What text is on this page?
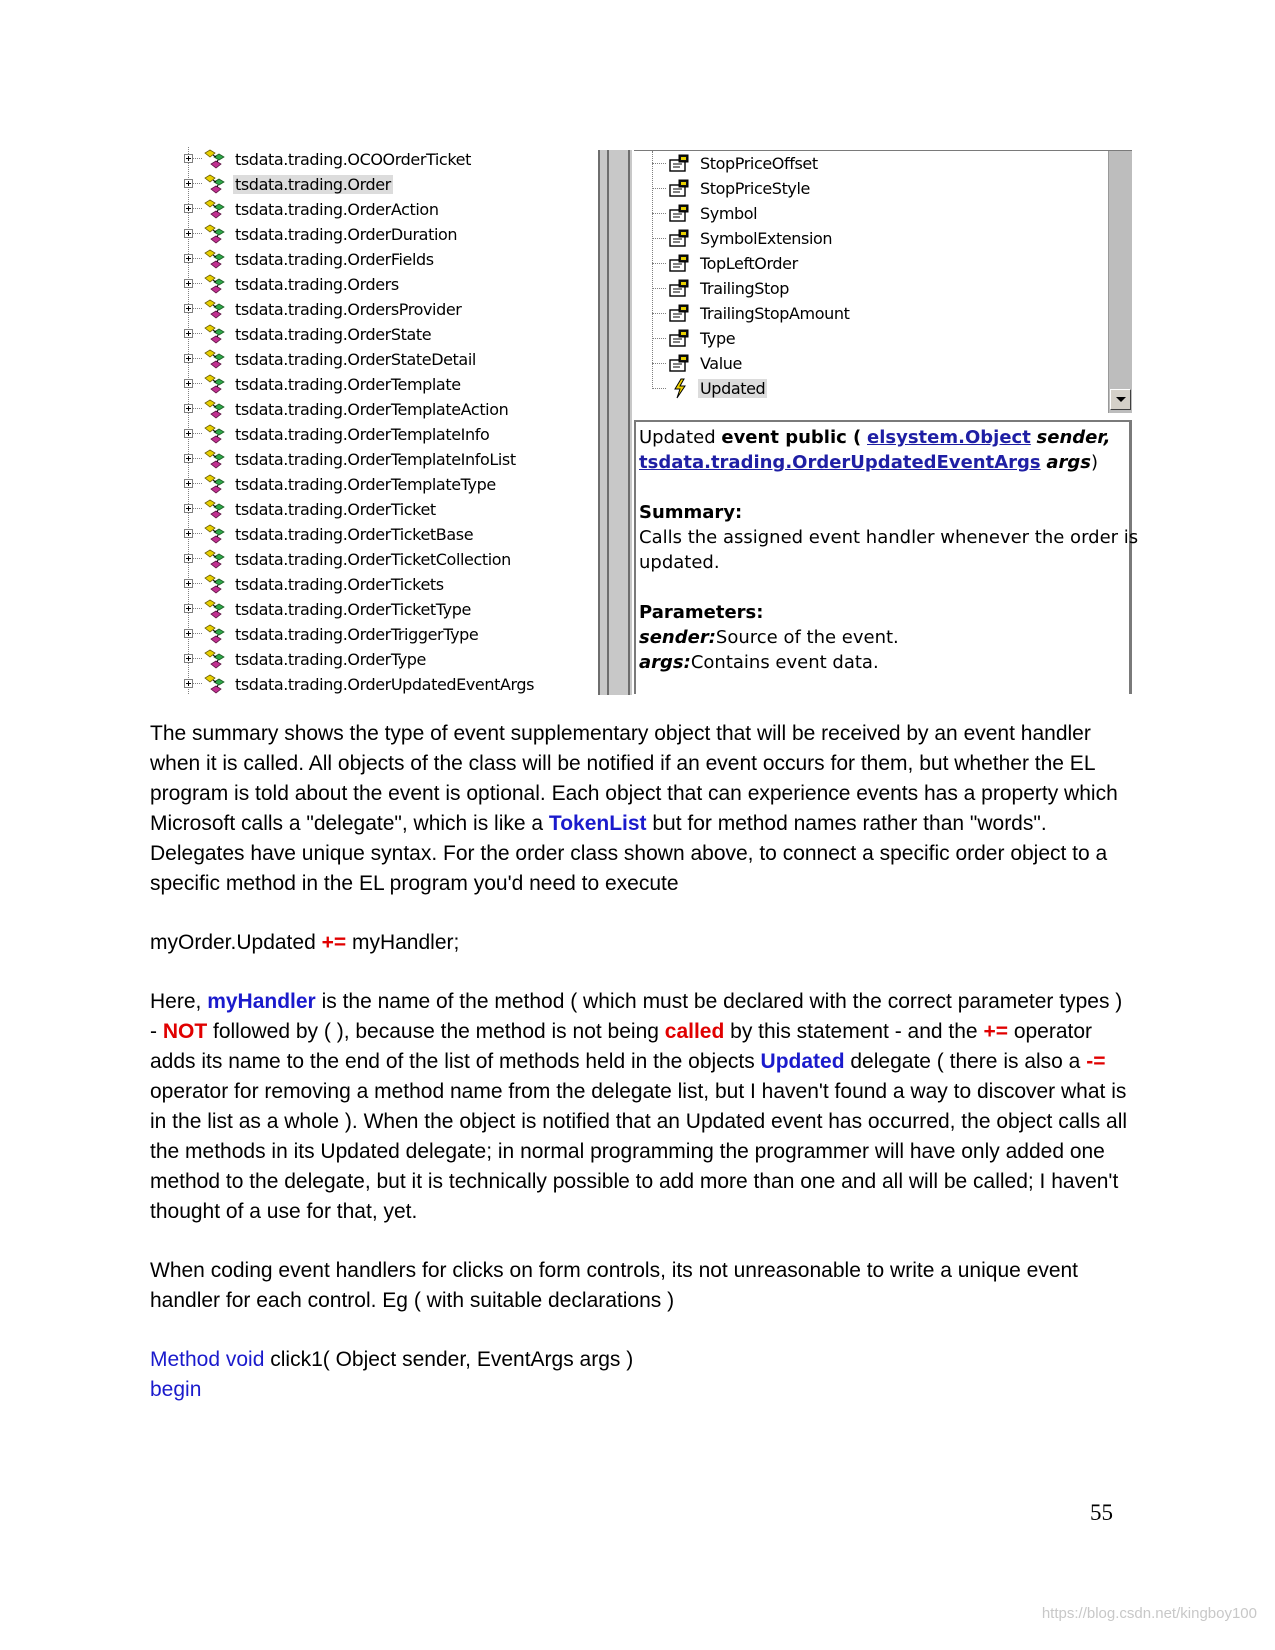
tsdata.trading.OCOOrderTicket
tsdata.trading.Order
tsdata.trading.OrderAction
tsdata.trading.OrderDuration
tsdata.trading.OrderFields
tsdata.trading.Orders
tsdata.trading.OrdersProvider
tsdata.trading.OrderState
tsdata.trading.OrderStateDetail
tsdata.trading.OrderTemplate
tsdata.trading.OrderTemplateAction
tsdata.trading.OrderTemplateInfo
tsdata.trading.OrderTemplateInfoList
tsdata.trading.OrderTemplateType
tsdata.trading.OrderTicket
tsdata.trading.OrderTicketBase
tsdata.trading.OrderTicketCollection
tsdata.trading.OrderTickets
tsdata.trading.OrderTicketType
tsdata.trading.OrderTriggerType
tsdata.trading.OrderType
tsdata.trading.OrderUpdatedEventArgs
StopPriceOffset
StopPriceStyle
Symbol
SymbolExtension
TopLeftOrder
TrailingStop
TrailingStopAmount
Type
Value
Updated
Updated event public ( elsystem.Object sender,
tsdata.trading.OrderUpdatedEventArgs args)
Summary:
Calls the assigned event handler whenever the order is
updated.
Parameters:
sender:Source of the event.
args:Contains event data.

The summary shows the type of event supplementary object that will be received by an event handler when it is called. All objects of the class will be notified if an event occurs for them, but whether the EL program is told about the event is optional. Each object that can experience events has a property which Microsoft calls a "delegate", which is like a TokenList but for method names rather than "words". Delegates have unique syntax. For the order class shown above, to connect a specific order object to a specific method in the EL program you'd need to execute

myOrder.Updated += myHandler;

Here, myHandler is the name of the method ( which must be declared with the correct parameter types ) - NOT followed by ( ), because the method is not being called by this statement - and the += operator adds its name to the end of the list of methods held in the objects Updated delegate ( there is also a -= operator for removing a method name from the delegate list, but I haven't found a way to discover what is in the list as a whole ). When the object is notified that an Updated event has occurred, the object calls all the methods in its Updated delegate; in normal programming the programmer will have only added one method to the delegate, but it is technically possible to add more than one and all will be called; I haven't thought of a use for that, yet.

When coding event handlers for clicks on form controls, its not unreasonable to write a unique event handler for each control. Eg ( with suitable declarations )

Method void click1( Object sender, EventArgs args )
begin
55
https://blog.csdn.net/kingboy100
